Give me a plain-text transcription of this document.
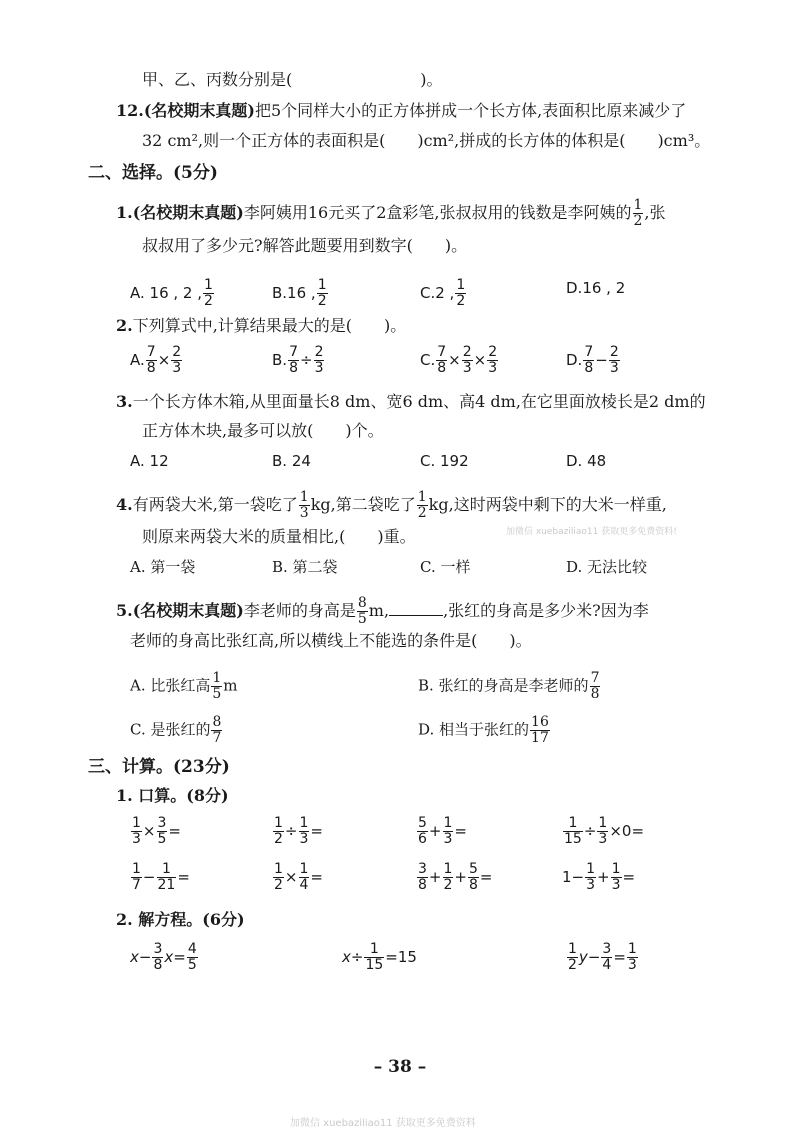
甲、乙、丙数分别是(　　　　　　　　)。
12.(名校期末真题)把5个同样大小的正方体拼成一个长方体,表面积比原来减少了
32 cm²,则一个正方体的表面积是(　　)cm²,拼成的长方体的体积是(　　)cm³。
二、选择。(5分)
1.(名校期末真题)李阿姨用16元买了2盒彩笔,张叔叔用的钱数是李阿姨的 $\frac{1}{2}$ ,张
叔叔用了多少元?解答此题要用到数字(　　)。
A. 16 , 2 , $\frac{1}{2}$	B.16 , $\frac{1}{2}$	C.2 , $\frac{1}{2}$	D.16 , 2
2.下列算式中,计算结果最大的是(　　)。
A. $\frac{7}{8} \times \frac{2}{3}$	B. $\frac{7}{8} \div \frac{2}{3}$	C. $\frac{7}{8} \times \frac{2}{3} \times \frac{2}{3}$	D. $\frac{7}{8} - \frac{2}{3}$
3.一个长方体木箱,从里面量长8 dm、宽6 dm、高4 dm,在它里面放棱长是2 dm的
正方体木块,最多可以放(　　)个。
A. 12	B. 24	C. 192	D. 48
4.有两袋大米,第一袋吃了 $\frac{1}{3}$ kg,第二袋吃了 $\frac{1}{2}$ kg,这时两袋中剩下的大米一样重,
则原来两袋大米的质量相比,(　　)重。	加微信 xuebaziliao11 获取更多免费资料!
A. 第一袋	B. 第二袋	C. 一样	D. 无法比较
5.(名校期末真题)李老师的身高是 $\frac{8}{5} m$,	,张红的身高是多少米?因为李
老师的身高比张红高,所以横线上不能选的条件是(　　)。
A. 比张红高 $\frac{1}{5}$ m	B. 张红的身高是李老师的 $\frac{7}{8}$
C. 是张红的 $\frac{8}{7}$	D. 相当于张红的 $\frac{16}{17}$
三、计算。(23分)
1. 口算。(8分)
$\frac{1}{3} \times \frac{3}{5}$ =	$\frac{1}{2} \div \frac{1}{3}$ =	$\frac{5}{6} + \frac{1}{3}$ =	$\frac{1}{15} \div \frac{1}{3} \times 0=$
$\frac{1}{7} - \frac{1}{21}$ =	$\frac{1}{2} \times \frac{1}{4}$ =	$\frac{3}{8} + \frac{1}{2} + \frac{5}{8}$ =	$1- \frac{1}{3} + \frac{1}{3}$ =
2. 解方程。(6分)
$x- \frac{3}{8} x= \frac{4}{5}$	$x\div \frac{1}{15} =15$	$\frac{1}{2} y- \frac{3}{4} = \frac{1}{3}$
– 38 –
加微信 xuebaziliao11 获取更多免费资料
